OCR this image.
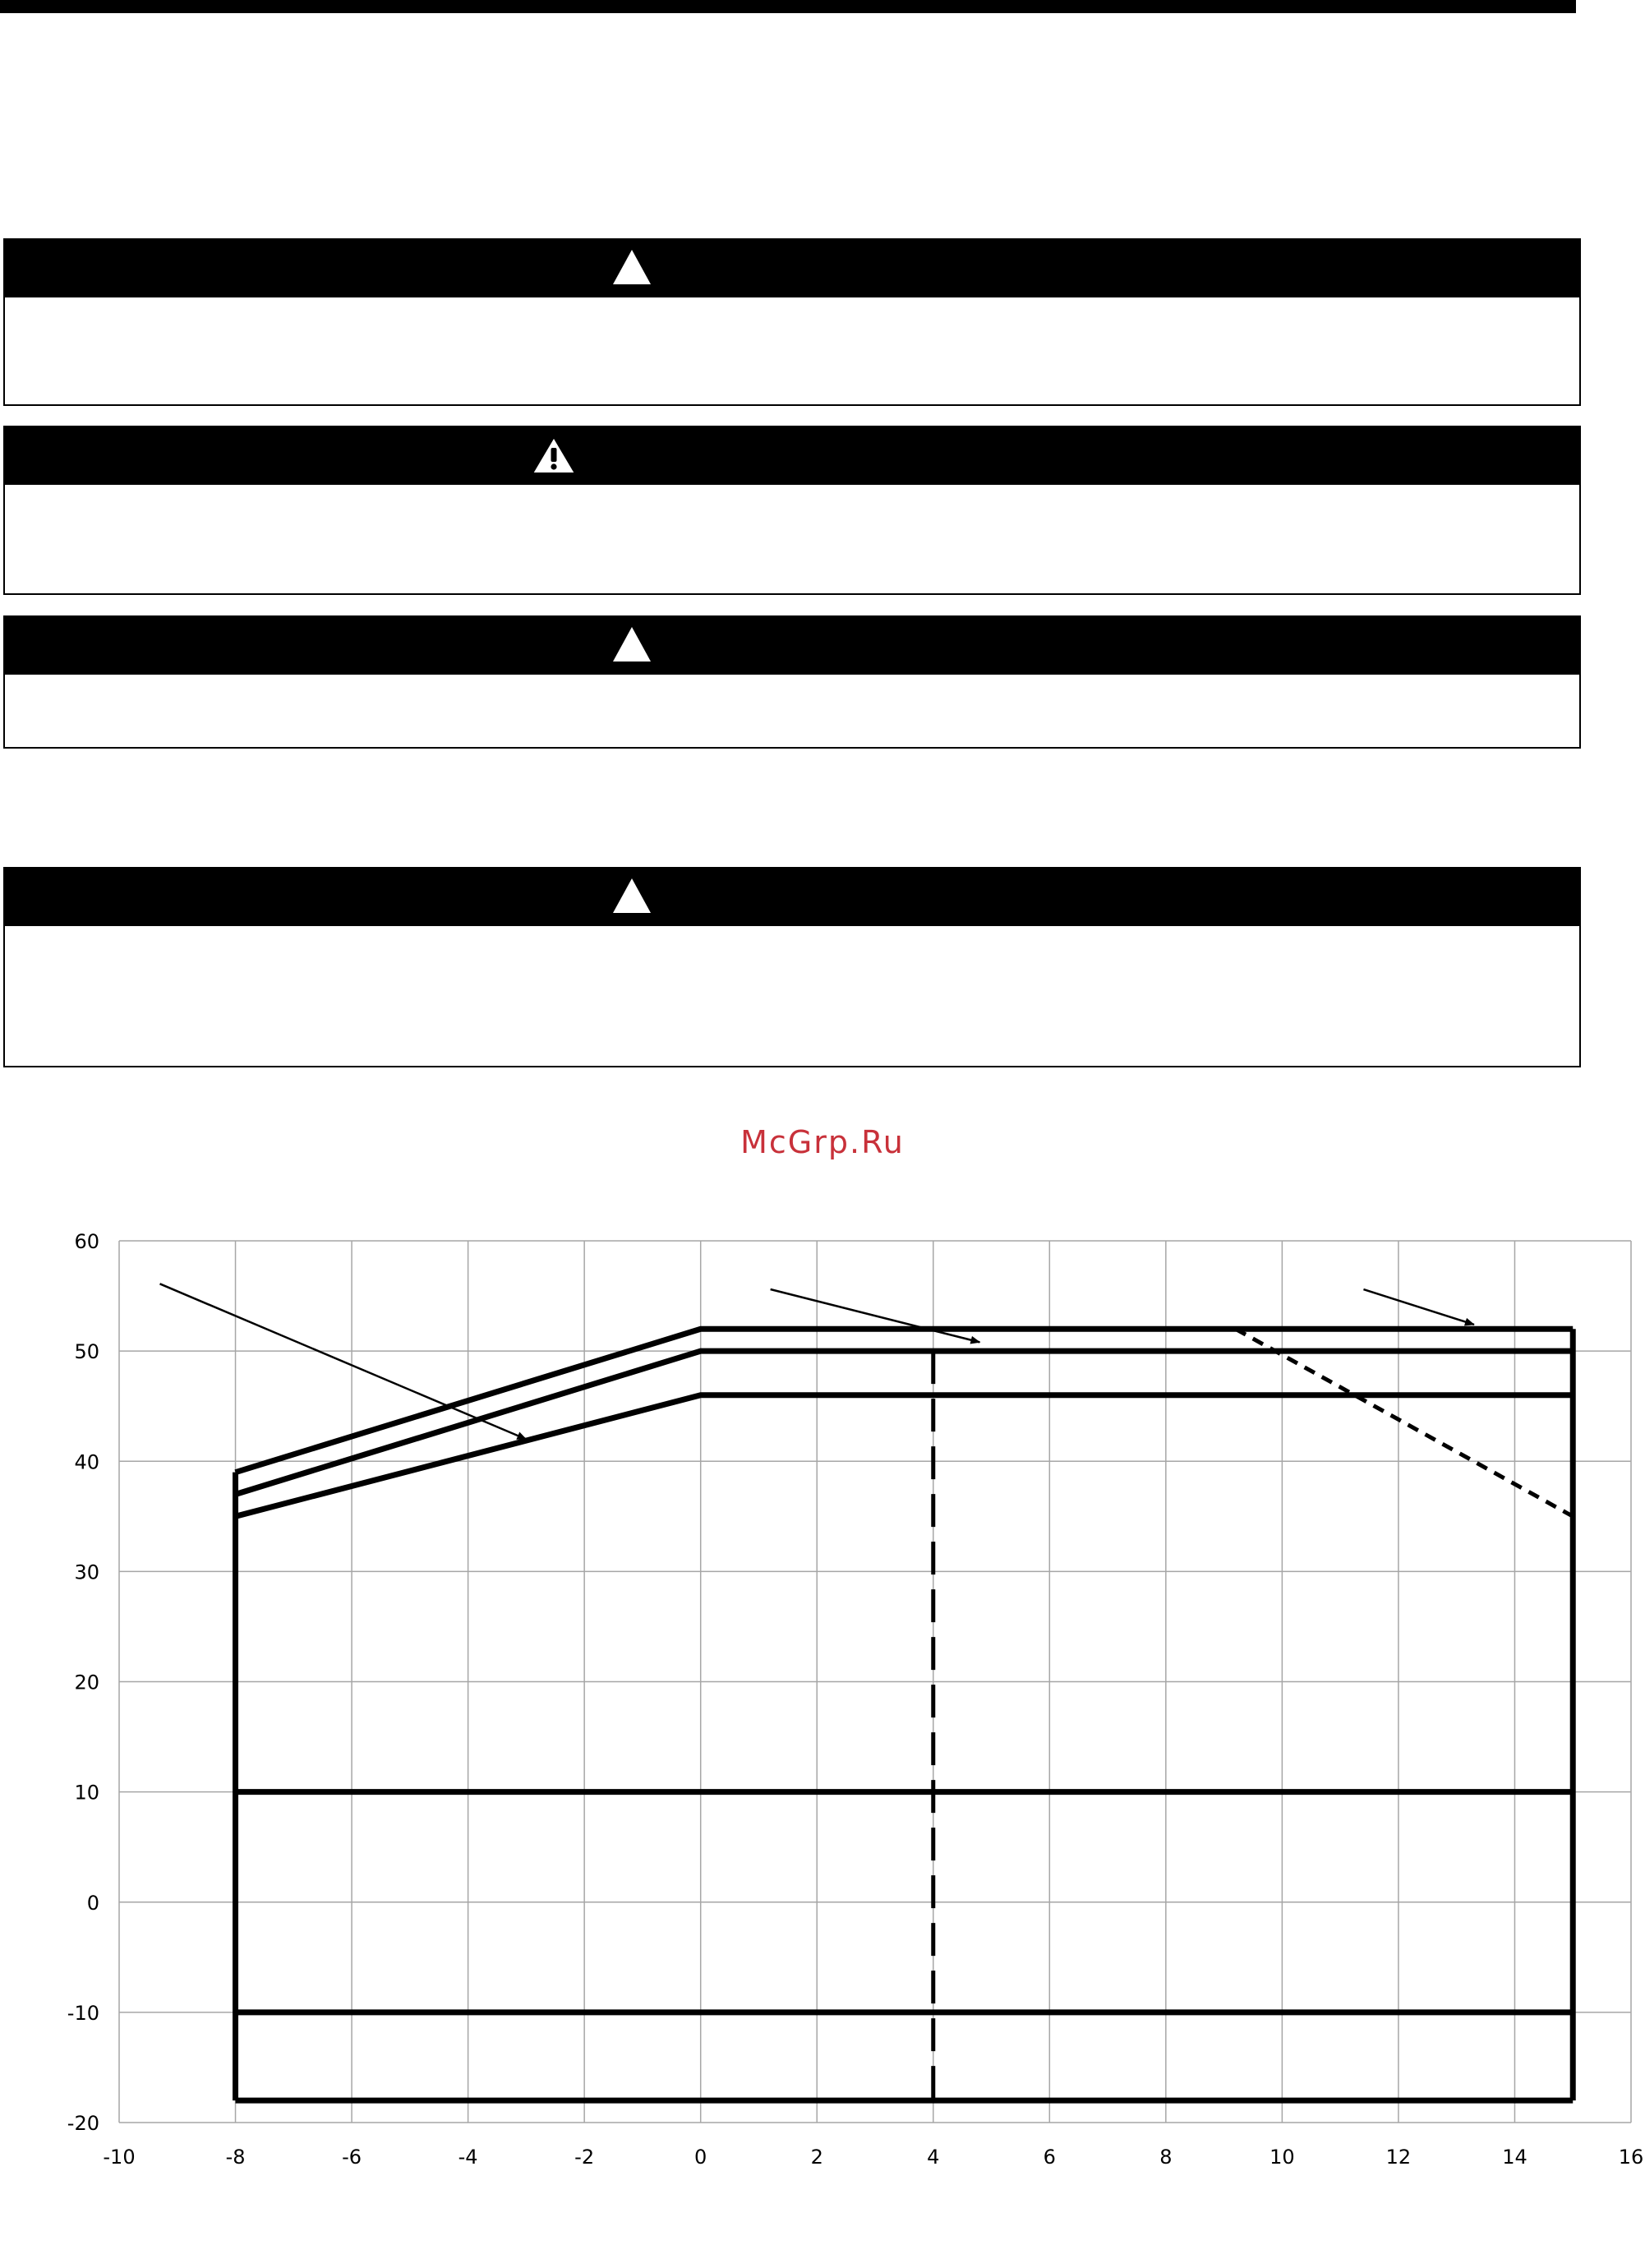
McGrp.Ru
-10	-8	-6	-4	-2	0	2	4	6	8	10	12	14	16
60
50
40
30
20
10
0
-10
-20
